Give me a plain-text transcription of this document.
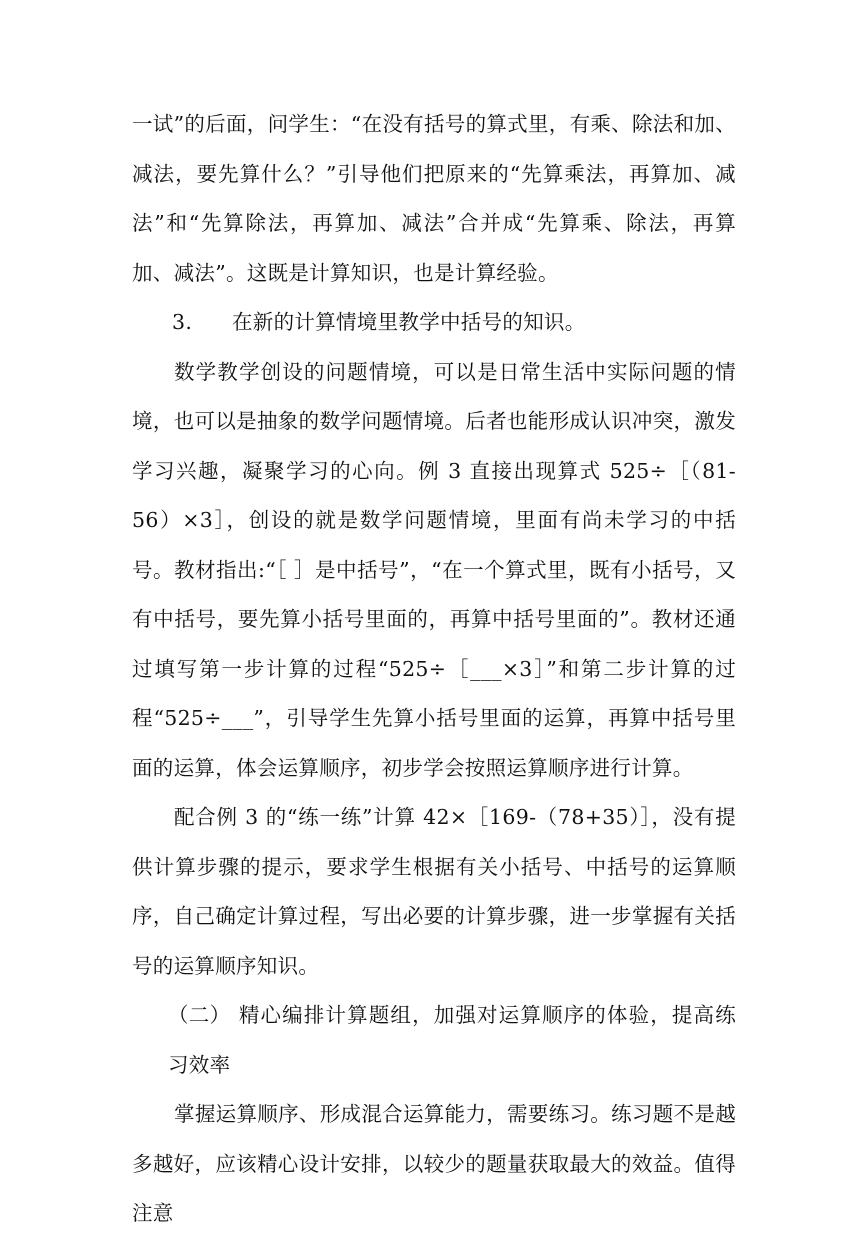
一试”的后面，问学生：“在没有括号的算式里，有乘、除法和加、减法，要先算什么？”引导他们把原来的“先算乘法，再算加、减法”和“先算除法，再算加、减法”合并成“先算乘、除法，再算加、减法”。这既是计算知识，也是计算经验。

3. 在新的计算情境里教学中括号的知识。

数学教学创设的问题情境，可以是日常生活中实际问题的情境，也可以是抽象的数学问题情境。后者也能形成认识冲突，激发学习兴趣，凝聚学习的心向。例 3 直接出现算式 525÷［（81-56）×3］，创设的就是数学问题情境，里面有尚未学习的中括号。教材指出:“［ ］是中括号”，“在一个算式里，既有小括号，又有中括号，要先算小括号里面的，再算中括号里面的”。教材还通过填写第一步计算的过程“525÷［___×3］”和第二步计算的过程“525÷___”，引导学生先算小括号里面的运算，再算中括号里面的运算，体会运算顺序，初步学会按照运算顺序进行计算。

配合例 3 的“练一练”计算 42×［169-（78+35）］，没有提供计算步骤的提示，要求学生根据有关小括号、中括号的运算顺序，自己确定计算过程，写出必要的计算步骤，进一步掌握有关括号的运算顺序知识。

（二） 精心编排计算题组，加强对运算顺序的体验，提高练习效率

掌握运算顺序、形成混合运算能力，需要练习。练习题不是越多越好，应该精心设计安排，以较少的题量获取最大的效益。值得注意
